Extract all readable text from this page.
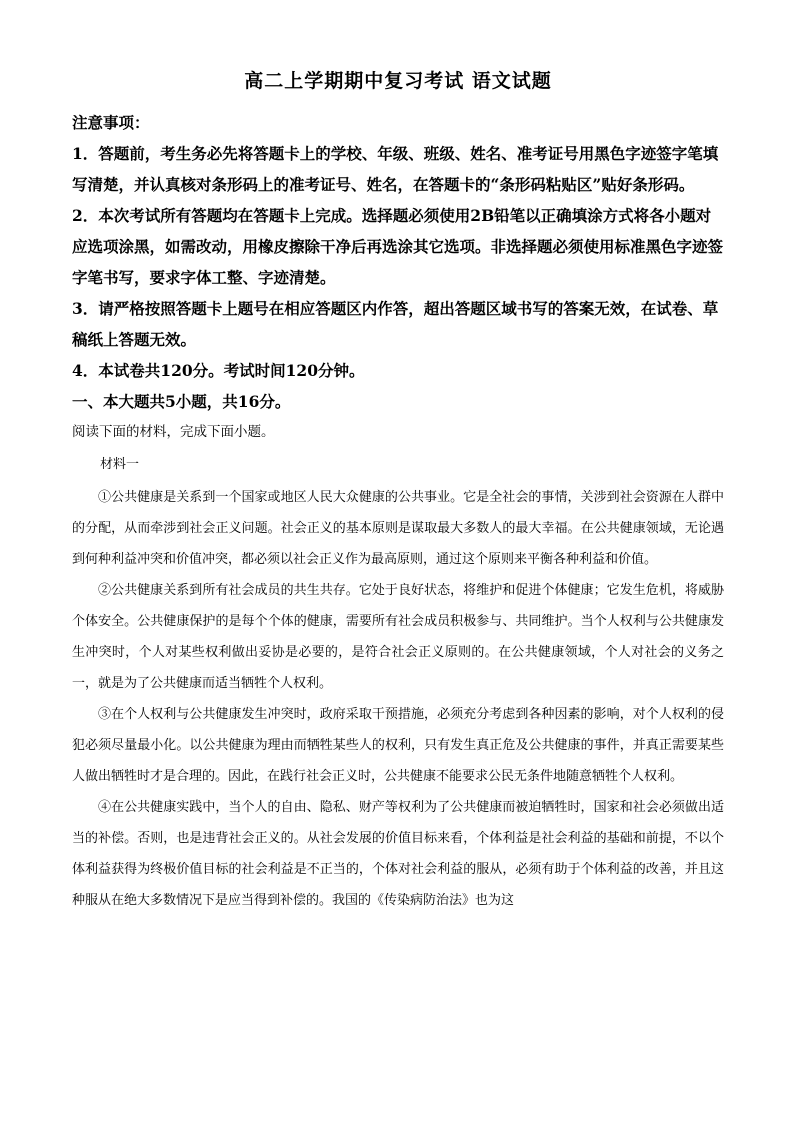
高二上学期期中复习考试 语文试题

注意事项：

1．答题前，考生务必先将答题卡上的学校、年级、班级、姓名、准考证号用黑色字迹签字笔填写清楚，并认真核对条形码上的准考证号、姓名，在答题卡的“条形码粘贴区”贴好条形码。

2．本次考试所有答题均在答题卡上完成。选择题必须使用2B铅笔以正确填涂方式将各小题对应选项涂黑，如需改动，用橡皮擦除干净后再选涂其它选项。非选择题必须使用标准黑色字迹签字笔书写，要求字体工整、字迹清楚。

3．请严格按照答题卡上题号在相应答题区内作答，超出答题区域书写的答案无效，在试卷、草稿纸上答题无效。

4．本试卷共120分。考试时间120分钟。

一、本大题共5小题，共16分。

阅读下面的材料，完成下面小题。

材料一

①公共健康是关系到一个国家或地区人民大众健康的公共事业。它是全社会的事情，关涉到社会资源在人群中的分配，从而牵涉到社会正义问题。社会正义的基本原则是谋取最大多数人的最大幸福。在公共健康领域，无论遇到何种利益冲突和价值冲突，都必须以社会正义作为最高原则，通过这个原则来平衡各种利益和价值。

②公共健康关系到所有社会成员的共生共存。它处于良好状态，将维护和促进个体健康；它发生危机，将威胁个体安全。公共健康保护的是每个个体的健康，需要所有社会成员积极参与、共同维护。当个人权利与公共健康发生冲突时，个人对某些权利做出妥协是必要的，是符合社会正义原则的。在公共健康领域，个人对社会的义务之一，就是为了公共健康而适当牺牲个人权利。

③在个人权利与公共健康发生冲突时，政府采取干预措施，必须充分考虑到各种因素的影响，对个人权利的侵犯必须尽量最小化。以公共健康为理由而牺牲某些人的权利，只有发生真正危及公共健康的事件，并真正需要某些人做出牺牲时才是合理的。因此，在践行社会正义时，公共健康不能要求公民无条件地随意牺牲个人权利。

④在公共健康实践中，当个人的自由、隐私、财产等权利为了公共健康而被迫牺牲时，国家和社会必须做出适当的补偿。否则，也是违背社会正义的。从社会发展的价值目标来看，个体利益是社会利益的基础和前提，不以个体利益获得为终极价值目标的社会利益是不正当的，个体对社会利益的服从，必须有助于个体利益的改善，并且这种服从在绝大多数情况下是应当得到补偿的。我国的《传染病防治法》也为这
